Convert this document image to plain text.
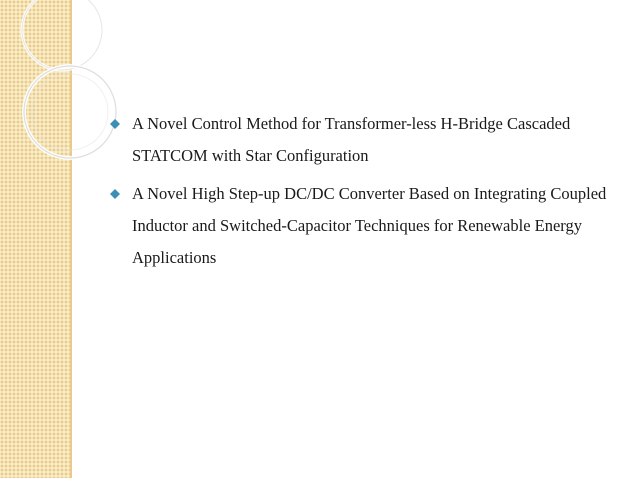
A Novel Control Method for Transformer-less H-Bridge Cascaded STATCOM with Star Configuration
A Novel High Step-up DC/DC Converter Based on Integrating Coupled Inductor and Switched-Capacitor Techniques for Renewable Energy Applications
